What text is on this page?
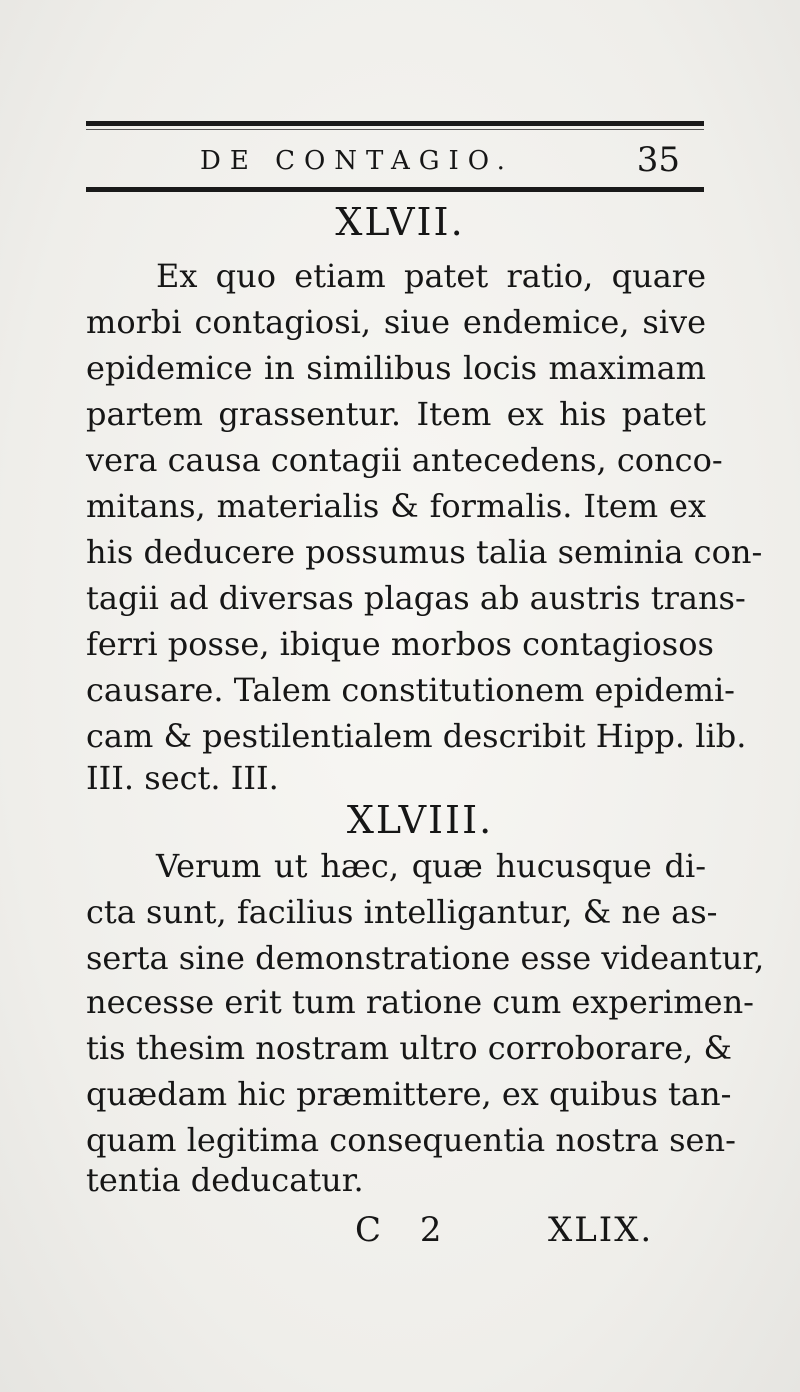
DE CONTAGIO.	35
XLVII.
Ex quo etiam patet ratio, quare
morbi contagiosi, siue endemice, sive
epidemice in similibus locis maximam
partem grassentur. Item ex his patet
vera causa contagii antecedens, conco-
mitans, materialis & formalis. Item ex
his deducere possumus talia seminia con-
tagii ad diversas plagas ab austris trans-
ferri posse, ibique morbos contagiosos
causare. Talem constitutionem epidemi-
cam & pestilentialem describit Hipp. lib.
III. sect. III.
XLVIII.
Verum ut hæc, quæ hucusque di-
cta sunt, facilius intelligantur, & ne as-
serta sine demonstratione esse videantur,
necesse erit tum ratione cum experimen-
tis thesim nostram ultro corroborare, &
quædam hic præmittere, ex quibus tan-
quam legitima consequentia nostra sen-
tentia deducatur.
C 2	XLIX.
